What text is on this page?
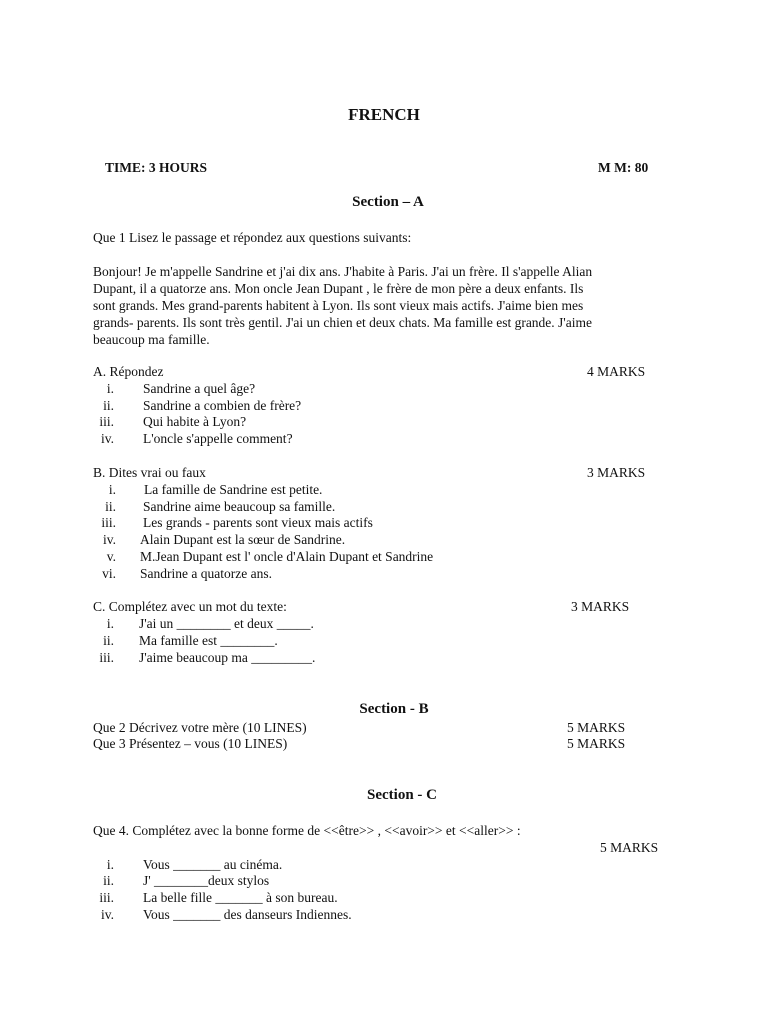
FRENCH
TIME: 3 HOURS	M M: 80
Section – A
Que 1 Lisez le passage et répondez aux questions suivants:
Bonjour! Je m'appelle Sandrine et j'ai dix ans. J'habite à Paris. J'ai un frère. Il s'appelle Alian
Dupant, il a quatorze ans. Mon oncle Jean Dupant , le frère de mon père a deux enfants. Ils
sont grands. Mes grand-parents habitent à Lyon. Ils sont vieux mais actifs. J'aime bien mes
grands- parents. Ils sont très gentil. J'ai un chien et deux chats. Ma famille est grande. J'aime
beaucoup ma famille.
A. Répondez	4 MARKS
i. Sandrine a quel âge?
ii. Sandrine a combien de frère?
iii. Qui habite à Lyon?
iv. L'oncle s'appelle comment?
B. Dites vrai ou faux	3 MARKS
i. La famille de Sandrine est petite.
ii. Sandrine aime beaucoup sa famille.
iii. Les grands - parents sont vieux mais actifs
iv. Alain Dupant est la sœur de Sandrine.
v. M.Jean Dupant est l' oncle d'Alain Dupant et Sandrine
vi. Sandrine a quatorze ans.
C. Complétez avec un mot du texte:	3 MARKS
i. J'ai un ________ et deux _____.
ii. Ma famille est ________.
iii. J'aime beaucoup ma _________.
Section - B
Que 2 Décrivez votre mère (10 LINES)	5 MARKS
Que 3 Présentez – vous (10 LINES)	5 MARKS
Section - C
Que 4. Complétez avec la bonne forme de <<être>> , <<avoir>> et <<aller>> :
5 MARKS
i. Vous _______ au cinéma.
ii. J' ________deux stylos
iii. La belle fille _______ à son bureau.
iv. Vous _______ des danseurs Indiennes.
